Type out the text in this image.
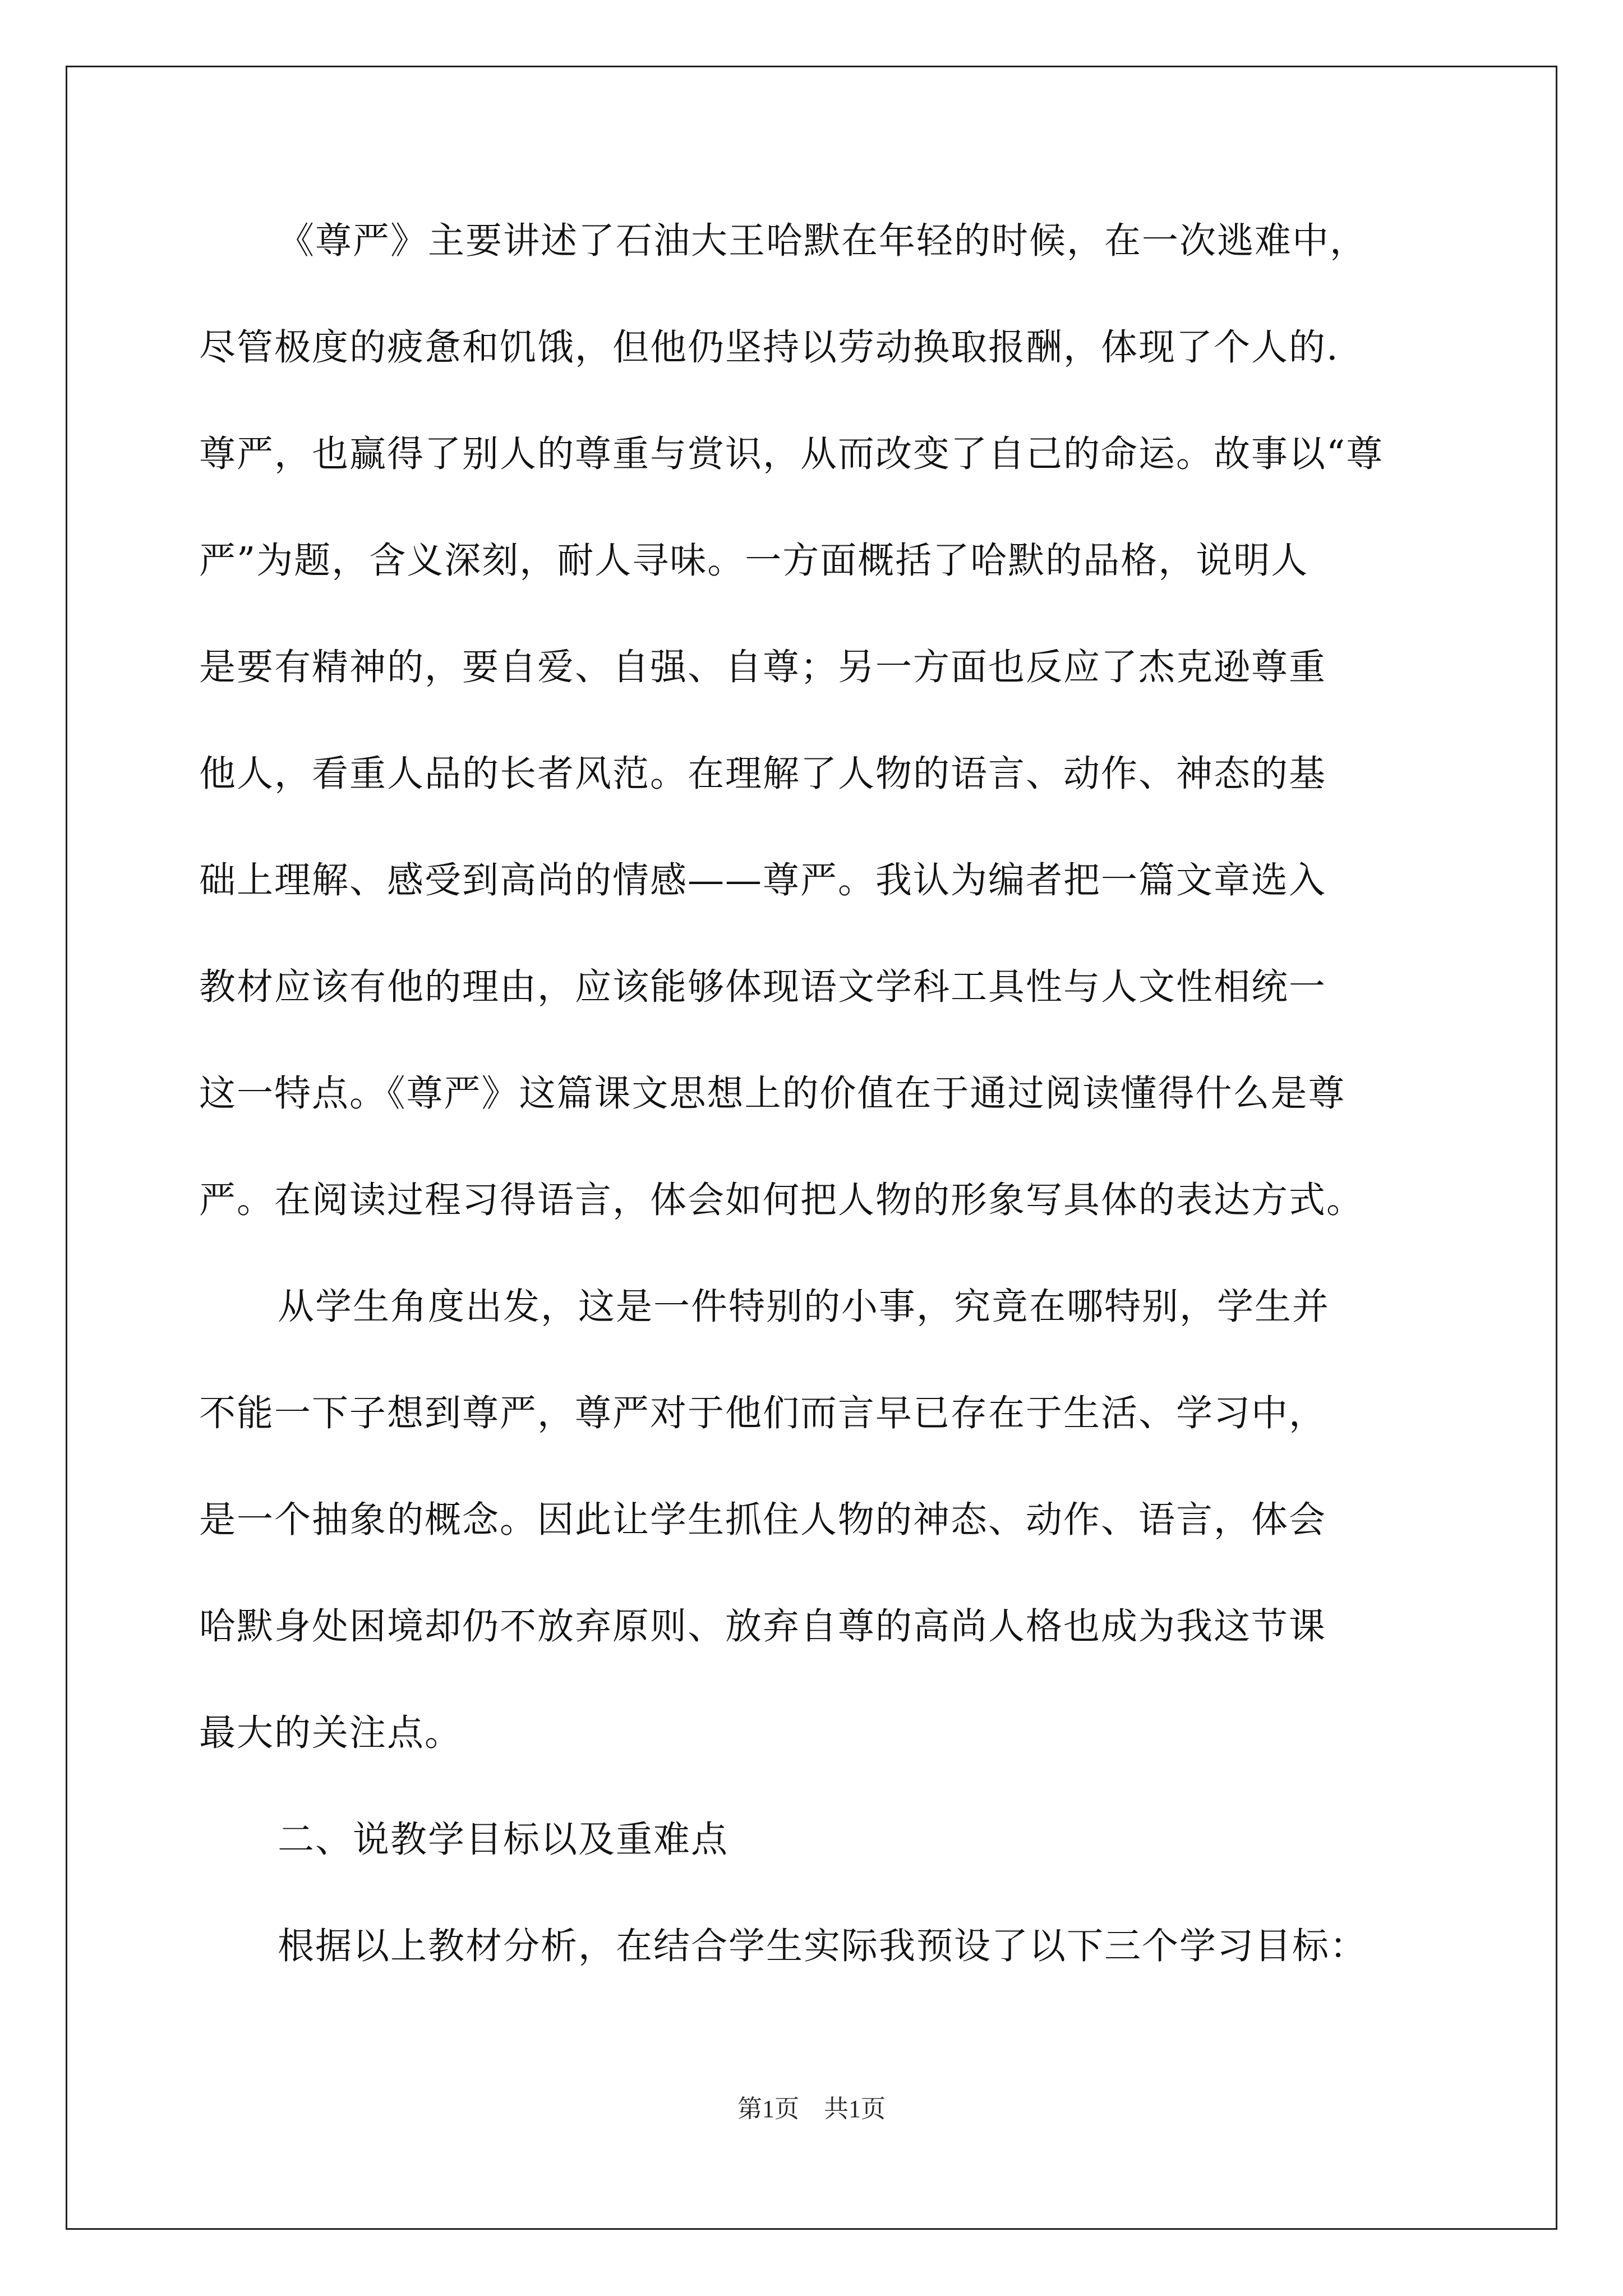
《尊严》主要讲述了石油大王哈默在年轻的时候，在一次逃难中，
尽管极度的疲惫和饥饿，但他仍坚持以劳动换取报酬，体现了个人的.
尊严，也赢得了别人的尊重与赏识，从而改变了自己的命运。故事以“尊
严”为题，含义深刻，耐人寻味。一方面概括了哈默的品格，说明人
是要有精神的，要自爱、自强、自尊；另一方面也反应了杰克逊尊重
他人，看重人品的长者风范。在理解了人物的语言、动作、神态的基
础上理解、感受到高尚的情感——尊严。我认为编者把一篇文章选入
教材应该有他的理由，应该能够体现语文学科工具性与人文性相统一
这一特点。《尊严》这篇课文思想上的价值在于通过阅读懂得什么是尊
严。在阅读过程习得语言，体会如何把人物的形象写具体的表达方式。
从学生角度出发，这是一件特别的小事，究竟在哪特别，学生并
不能一下子想到尊严，尊严对于他们而言早已存在于生活、学习中，
是一个抽象的概念。因此让学生抓住人物的神态、动作、语言，体会
哈默身处困境却仍不放弃原则、放弃自尊的高尚人格也成为我这节课
最大的关注点。
二、说教学目标以及重难点
根据以上教材分析，在结合学生实际我预设了以下三个学习目标：
第1页　共1页
